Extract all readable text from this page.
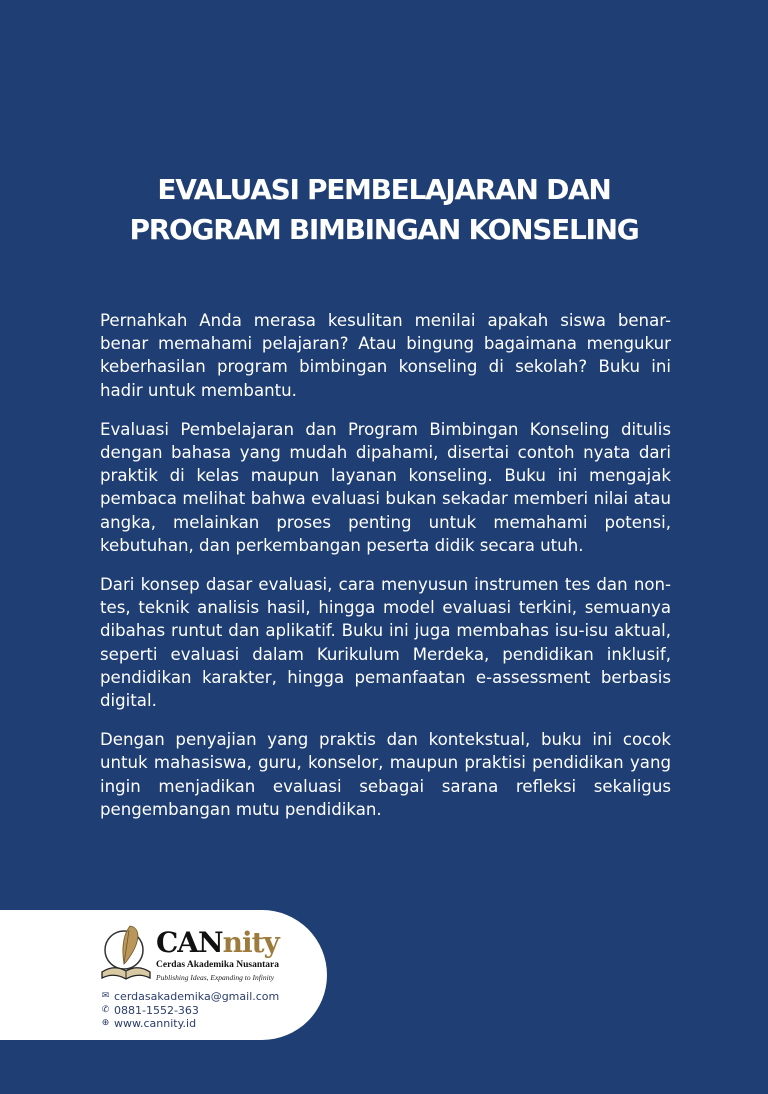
EVALUASI PEMBELAJARAN DAN
PROGRAM BIMBINGAN KONSELING

Pernahkah Anda merasa kesulitan menilai apakah siswa benar-benar memahami pelajaran? Atau bingung bagaimana mengukur keberhasilan program bimbingan konseling di sekolah? Buku ini hadir untuk membantu.

Evaluasi Pembelajaran dan Program Bimbingan Konseling ditulis dengan bahasa yang mudah dipahami, disertai contoh nyata dari praktik di kelas maupun layanan konseling. Buku ini mengajak pembaca melihat bahwa evaluasi bukan sekadar memberi nilai atau angka, melainkan proses penting untuk memahami potensi, kebutuhan, dan perkembangan peserta didik secara utuh.

Dari konsep dasar evaluasi, cara menyusun instrumen tes dan non-tes, teknik analisis hasil, hingga model evaluasi terkini, semuanya dibahas runtut dan aplikatif. Buku ini juga membahas isu-isu aktual, seperti evaluasi dalam Kurikulum Merdeka, pendidikan inklusif, pendidikan karakter, hingga pemanfaatan e-assessment berbasis digital.

Dengan penyajian yang praktis dan kontekstual, buku ini cocok untuk mahasiswa, guru, konselor, maupun praktisi pendidikan yang ingin menjadikan evaluasi sebagai sarana refleksi sekaligus pengembangan mutu pendidikan.

CANnity
Cerdas Akademika Nusantara
Publishing Ideas, Expanding to Infinity
✉ cerdasakademika@gmail.com
✆ 0881-1552-363
⊕ www.cannity.id
